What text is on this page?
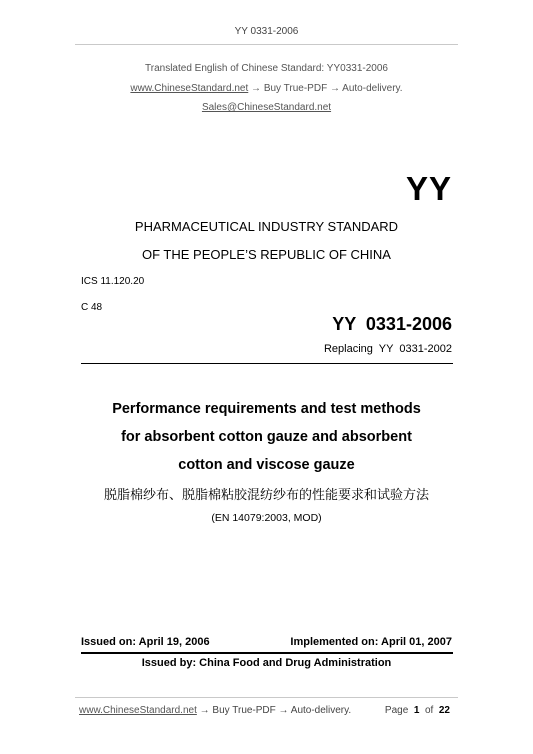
YY 0331-2006
Translated English of Chinese Standard: YY0331-2006
www.ChineseStandard.net → Buy True-PDF → Auto-delivery.
Sales@ChineseStandard.net
YY
PHARMACEUTICAL INDUSTRY STANDARD
OF THE PEOPLE’S REPUBLIC OF CHINA
ICS 11.120.20
C 48
YY  0331-2006
Replacing  YY  0331-2002
Performance requirements and test methods
for absorbent cotton gauze and absorbent
cotton and viscose gauze
脱脂棉纱布、脱脂棉粘胶混纺纱布的性能要求和试验方法
(EN 14079:2003, MOD)
Issued on: April 19, 2006	Implemented on: April 01, 2007
Issued by: China Food and Drug Administration
www.ChineseStandard.net → Buy True-PDF → Auto-delivery.	Page 1 of 22
